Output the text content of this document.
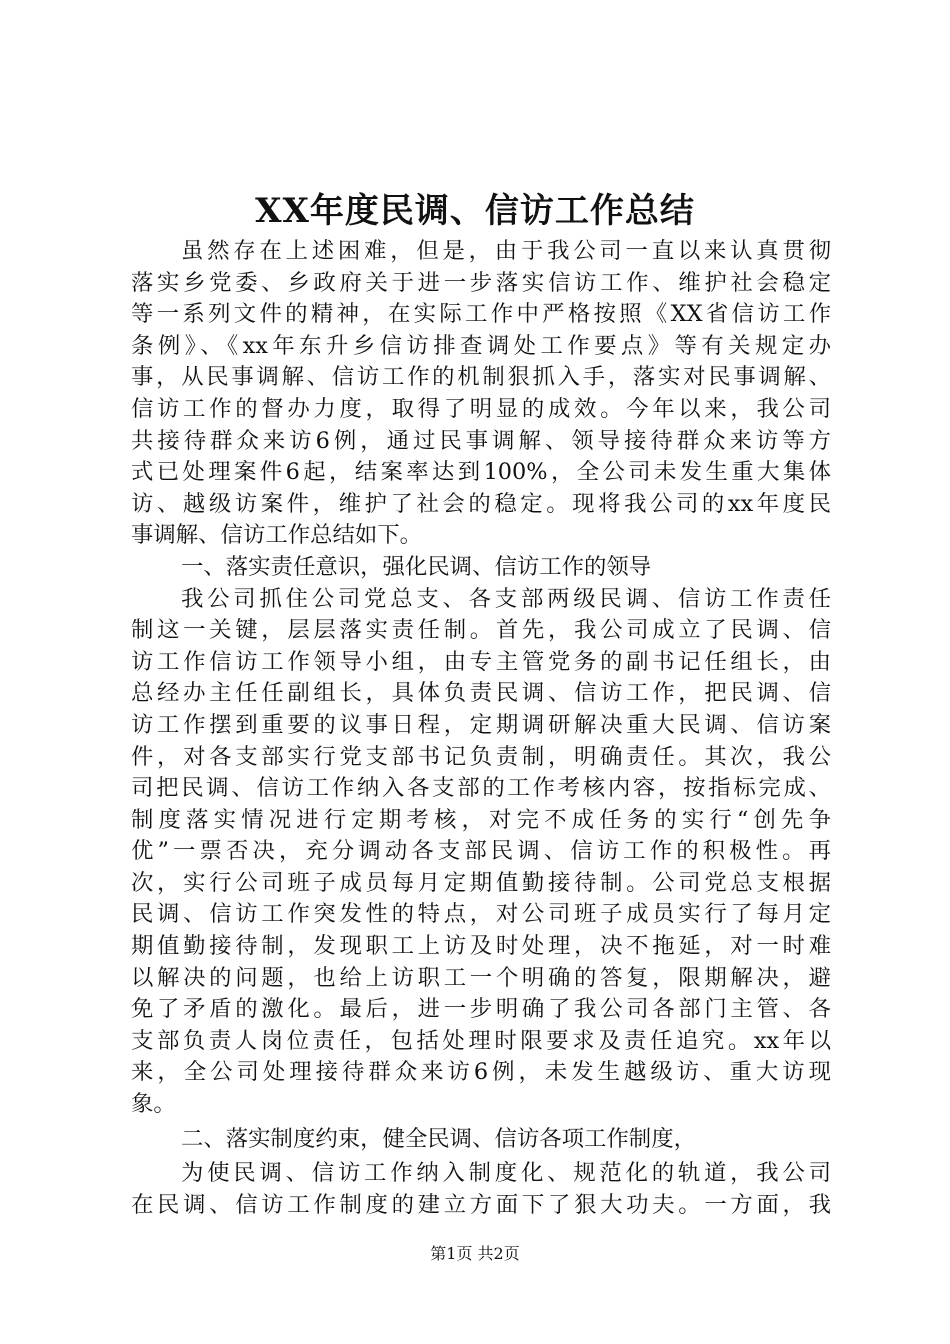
XX年度民调、信访工作总结
虽然存在上述困难，但是，由于我公司一直以来认真贯彻
落实乡党委、乡政府关于进一步落实信访工作、维护社会稳定
等一系列文件的精神，在实际工作中严格按照《XX省信访工作
条例》、《xx年东升乡信访排查调处工作要点》等有关规定办
事，从民事调解、信访工作的机制狠抓入手，落实对民事调解、
信访工作的督办力度，取得了明显的成效。今年以来，我公司
共接待群众来访6例，通过民事调解、领导接待群众来访等方
式已处理案件6起，结案率达到100%，全公司未发生重大集体
访、越级访案件，维护了社会的稳定。现将我公司的xx年度民
事调解、信访工作总结如下。
一、落实责任意识，强化民调、信访工作的领导
我公司抓住公司党总支、各支部两级民调、信访工作责任
制这一关键，层层落实责任制。首先，我公司成立了民调、信
访工作信访工作领导小组，由专主管党务的副书记任组长，由
总经办主任任副组长，具体负责民调、信访工作，把民调、信
访工作摆到重要的议事日程，定期调研解决重大民调、信访案
件，对各支部实行党支部书记负责制，明确责任。其次，我公
司把民调、信访工作纳入各支部的工作考核内容，按指标完成、
制度落实情况进行定期考核，对完不成任务的实行“创先争
优”一票否决，充分调动各支部民调、信访工作的积极性。再
次，实行公司班子成员每月定期值勤接待制。公司党总支根据
民调、信访工作突发性的特点，对公司班子成员实行了每月定
期值勤接待制，发现职工上访及时处理，决不拖延，对一时难
以解决的问题，也给上访职工一个明确的答复，限期解决，避
免了矛盾的激化。最后，进一步明确了我公司各部门主管、各
支部负责人岗位责任，包括处理时限要求及责任追究。xx年以
来，全公司处理接待群众来访6例，未发生越级访、重大访现
象。
二、落实制度约束，健全民调、信访各项工作制度，
为使民调、信访工作纳入制度化、规范化的轨道，我公司
在民调、信访工作制度的建立方面下了狠大功夫。一方面，我
第1页 共2页
